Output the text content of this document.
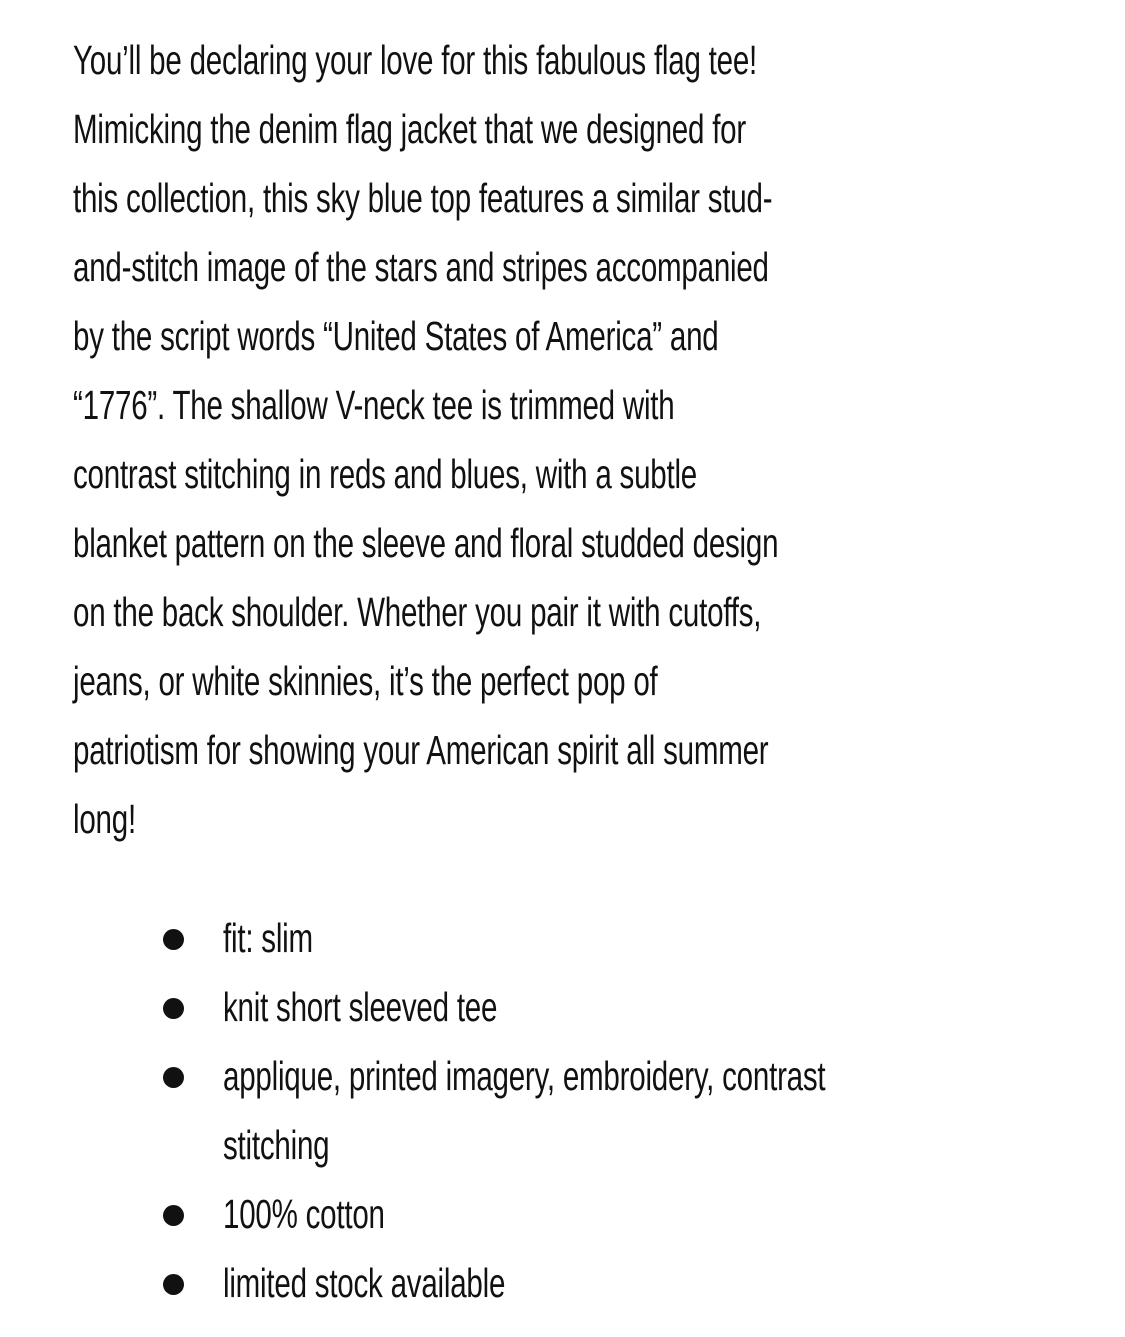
You’ll be declaring your love for this fabulous flag tee!
Mimicking the denim flag jacket that we designed for
this collection, this sky blue top features a similar stud-
and-stitch image of the stars and stripes accompanied
by the script words “United States of America” and
“1776”. The shallow V-neck tee is trimmed with
contrast stitching in reds and blues, with a subtle
blanket pattern on the sleeve and floral studded design
on the back shoulder. Whether you pair it with cutoffs,
jeans, or white skinnies, it’s the perfect pop of
patriotism for showing your American spirit all summer
long!

fit: slim
knit short sleeved tee
applique, printed imagery, embroidery, contrast
stitching
100% cotton
limited stock available
